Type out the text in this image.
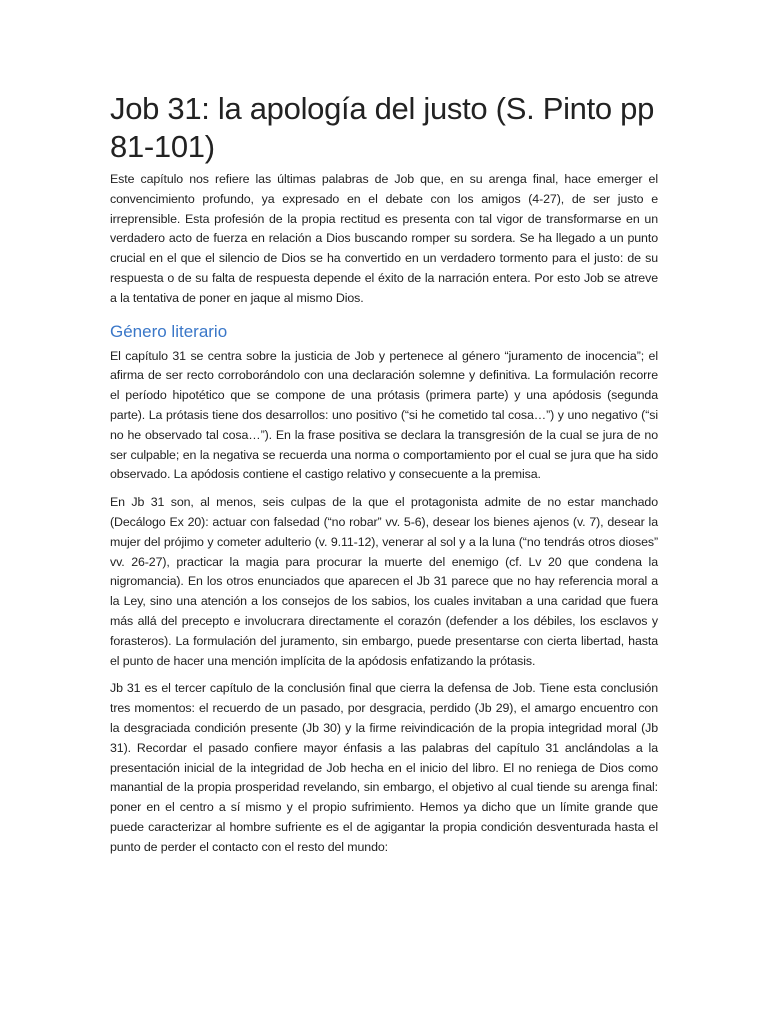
Job 31: la apología del justo (S. Pinto pp 81-101)

Este capítulo nos refiere las últimas palabras de Job que, en su arenga final, hace emerger el convencimiento profundo, ya expresado en el debate con los amigos (4-27), de ser justo e irreprensible. Esta profesión de la propia rectitud es presenta con tal vigor de transformarse en un verdadero acto de fuerza en relación a Dios buscando romper su sordera. Se ha llegado a un punto crucial en el que el silencio de Dios se ha convertido en un verdadero tormento para el justo: de su respuesta o de su falta de respuesta depende el éxito de la narración entera. Por esto Job se atreve a la tentativa de poner en jaque al mismo Dios.

Género literario

El capítulo 31 se centra sobre la justicia de Job y pertenece al género “juramento de inocencia”; el afirma de ser recto corroborándolo con una declaración solemne y definitiva. La formulación recorre el período hipotético que se compone de una prótasis (primera parte) y una apódosis (segunda parte). La prótasis tiene dos desarrollos: uno positivo (“si he cometido tal cosa…”) y uno negativo (“si no he observado tal cosa…”). En la frase positiva se declara la transgresión de la cual se jura de no ser culpable; en la negativa se recuerda una norma o comportamiento por el cual se jura que ha sido observado. La apódosis contiene el castigo relativo y consecuente a la premisa.

En Jb 31 son, al menos, seis culpas de la que el protagonista admite de no estar manchado (Decálogo Ex 20): actuar con falsedad (“no robar” vv. 5-6), desear los bienes ajenos (v. 7), desear la mujer del prójimo y cometer adulterio (v. 9.11-12), venerar al sol y a la luna (“no tendrás otros dioses” vv. 26-27), practicar la magia para procurar la muerte del enemigo (cf. Lv 20 que condena la nigromancia). En los otros enunciados que aparecen el Jb 31 parece que no hay referencia moral a la Ley, sino una atención a los consejos de los sabios, los cuales invitaban a una caridad que fuera más allá del precepto e involucrara directamente el corazón (defender a los débiles, los esclavos y forasteros). La formulación del juramento, sin embargo, puede presentarse con cierta libertad, hasta el punto de hacer una mención implícita de la apódosis enfatizando la prótasis.

Jb 31 es el tercer capítulo de la conclusión final que cierra la defensa de Job. Tiene esta conclusión tres momentos: el recuerdo de un pasado, por desgracia, perdido (Jb 29), el amargo encuentro con la desgraciada condición presente (Jb 30) y la firme reivindicación de la propia integridad moral (Jb 31). Recordar el pasado confiere mayor énfasis a las palabras del capítulo 31 anclándolas a la presentación inicial de la integridad de Job hecha en el inicio del libro. El no reniega de Dios como manantial de la propia prosperidad revelando, sin embargo, el objetivo al cual tiende su arenga final: poner en el centro a sí mismo y el propio sufrimiento. Hemos ya dicho que un límite grande que puede caracterizar al hombre sufriente es el de agigantar la propia condición desventurada hasta el punto de perder el contacto con el resto del mundo:
